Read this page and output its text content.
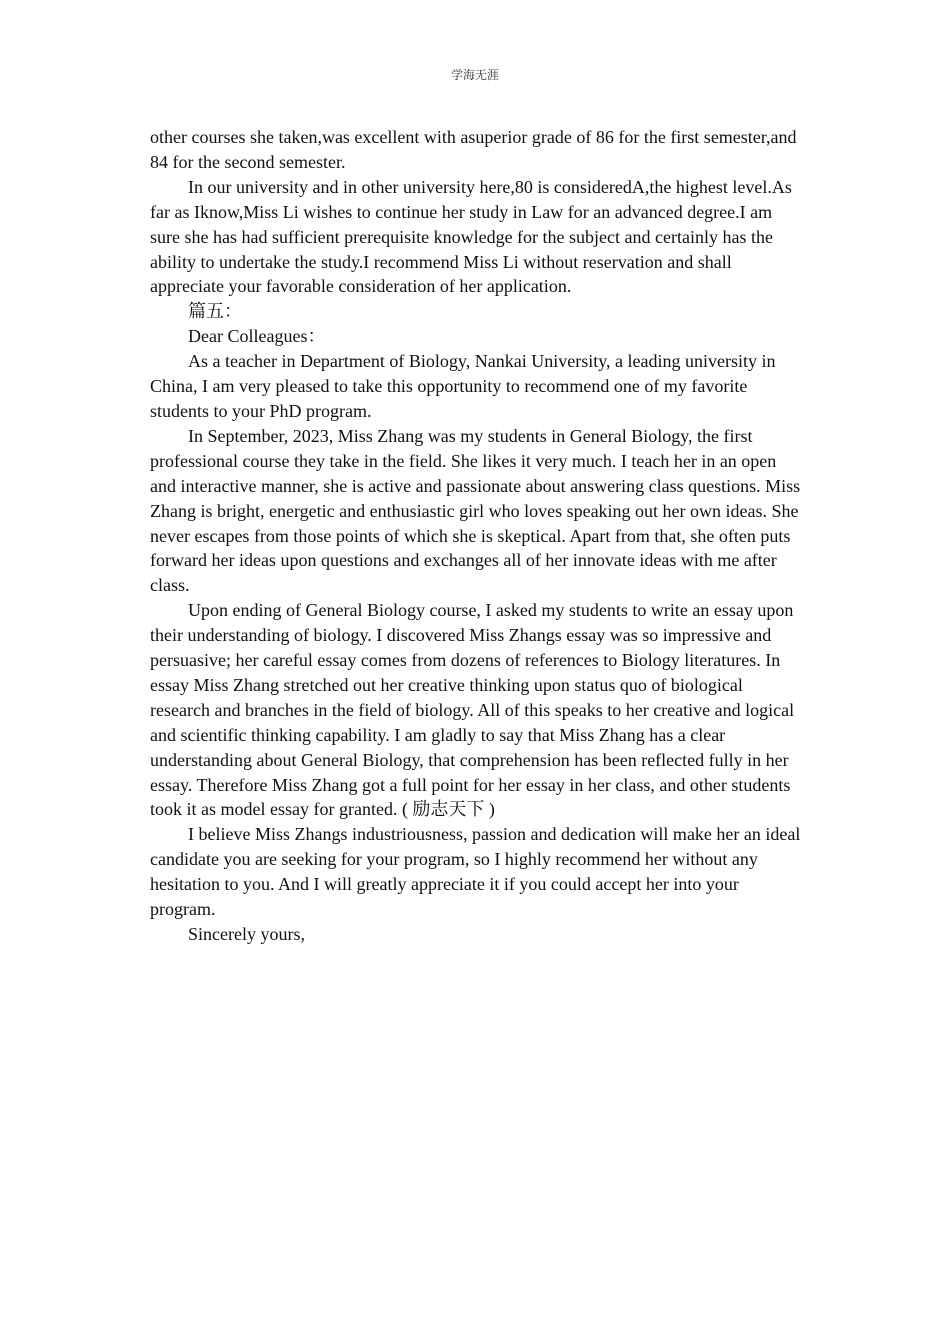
学海无涯

other courses she taken,was excellent with asuperior grade of 86 for the first semester,and 84 for the second semester.

In our university and in other university here,80 is consideredA,the highest level.As far as Iknow,Miss Li wishes to continue her study in Law for an advanced degree.I am sure she has had sufficient prerequisite knowledge for the subject and certainly has the ability to undertake the study.I recommend Miss Li without reservation and shall appreciate your favorable consideration of her application.

篇五：

Dear Colleagues：

As a teacher in Department of Biology, Nankai University, a leading university in China, I am very pleased to take this opportunity to recommend one of my favorite students to your PhD program.

In September, 2023, Miss Zhang was my students in General Biology, the first professional course they take in the field. She likes it very much. I teach her in an open and interactive manner, she is active and passionate about answering class questions. Miss Zhang is bright, energetic and enthusiastic girl who loves speaking out her own ideas. She never escapes from those points of which she is skeptical. Apart from that, she often puts forward her ideas upon questions and exchanges all of her innovate ideas with me after class.

Upon ending of General Biology course, I asked my students to write an essay upon their understanding of biology. I discovered Miss Zhangs essay was so impressive and persuasive; her careful essay comes from dozens of references to Biology literatures. In essay Miss Zhang stretched out her creative thinking upon status quo of biological research and branches in the field of biology. All of this speaks to her creative and logical and scientific thinking capability. I am gladly to say that Miss Zhang has a clear understanding about General Biology, that comprehension has been reflected fully in her essay. Therefore Miss Zhang got a full point for her essay in her class, and other students took it as model essay for granted. ( 励志天下 )

I believe Miss Zhangs industriousness, passion and dedication will make her an ideal candidate you are seeking for your program, so I highly recommend her without any hesitation to you. And I will greatly appreciate it if you could accept her into your program.

Sincerely yours,
